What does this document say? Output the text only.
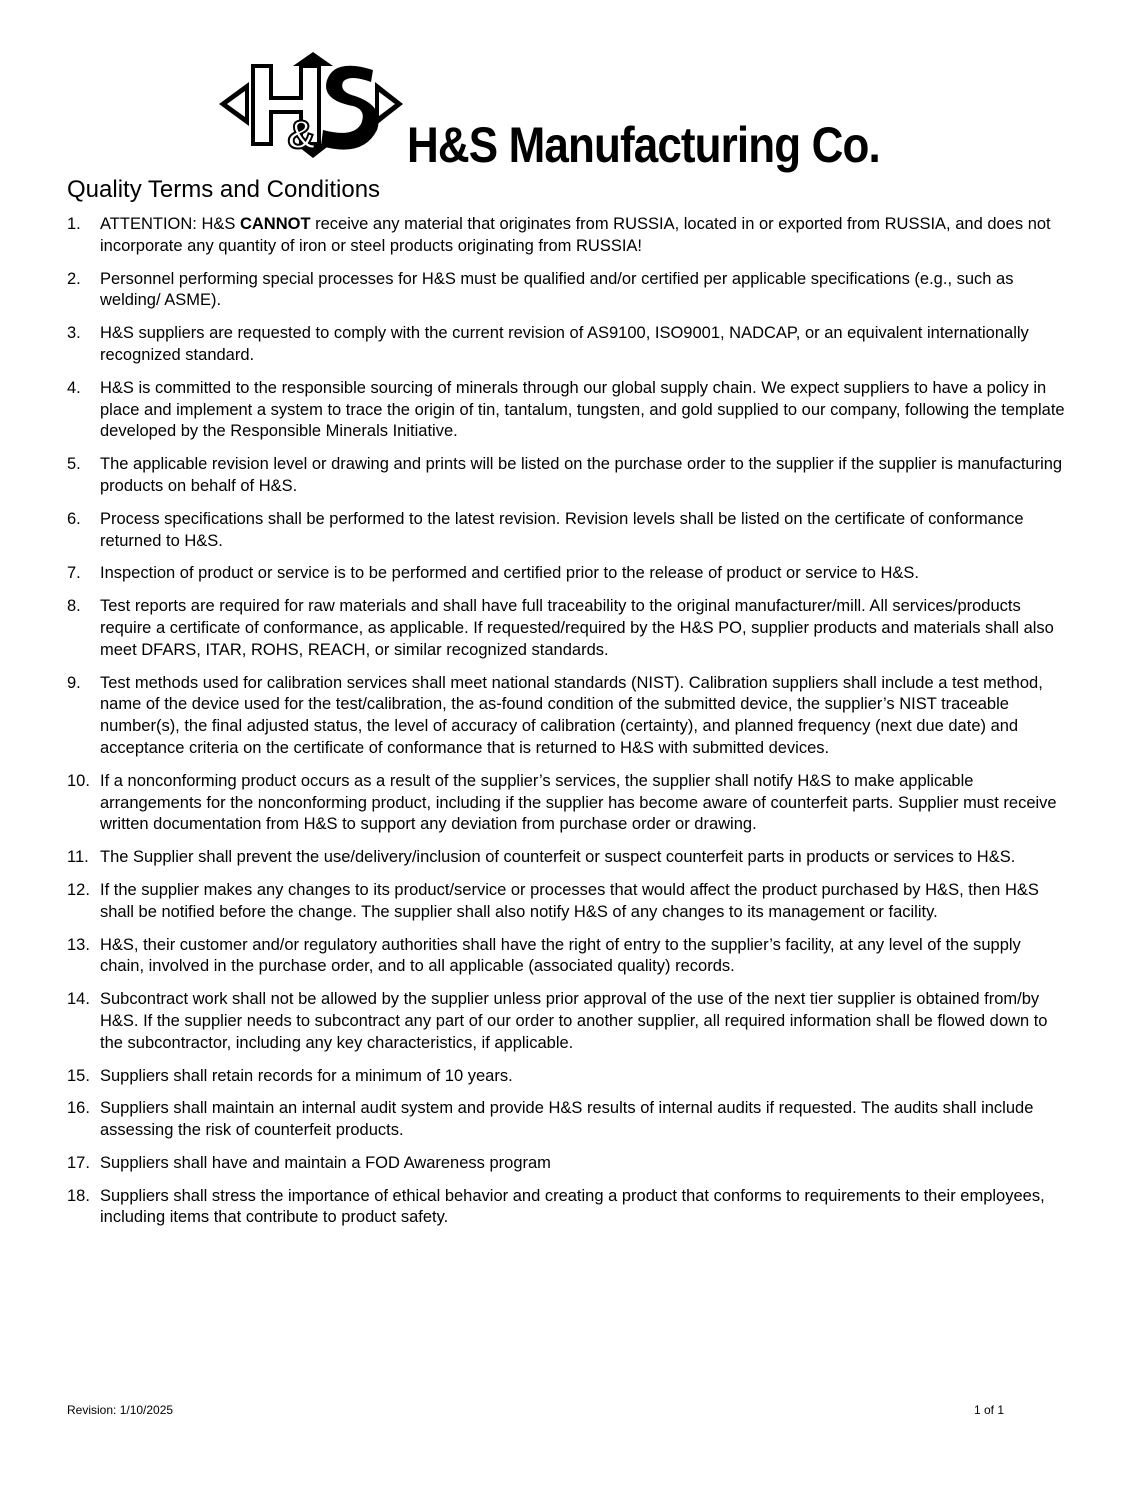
& H&S Manufacturing Co.
Quality Terms and Conditions
1. ATTENTION: H&S CANNOT receive any material that originates from RUSSIA, located in or exported from RUSSIA, and does not incorporate any quantity of iron or steel products originating from RUSSIA!
2. Personnel performing special processes for H&S must be qualified and/or certified per applicable specifications (e.g., such as welding/ ASME).
3. H&S suppliers are requested to comply with the current revision of AS9100, ISO9001, NADCAP, or an equivalent internationally recognized standard.
4. H&S is committed to the responsible sourcing of minerals through our global supply chain. We expect suppliers to have a policy in place and implement a system to trace the origin of tin, tantalum, tungsten, and gold supplied to our company, following the template developed by the Responsible Minerals Initiative.
5. The applicable revision level or drawing and prints will be listed on the purchase order to the supplier if the supplier is manufacturing products on behalf of H&S.
6. Process specifications shall be performed to the latest revision. Revision levels shall be listed on the certificate of conformance returned to H&S.
7. Inspection of product or service is to be performed and certified prior to the release of product or service to H&S.
8. Test reports are required for raw materials and shall have full traceability to the original manufacturer/mill. All services/products require a certificate of conformance, as applicable. If requested/required by the H&S PO, supplier products and materials shall also meet DFARS, ITAR, ROHS, REACH, or similar recognized standards.
9. Test methods used for calibration services shall meet national standards (NIST). Calibration suppliers shall include a test method, name of the device used for the test/calibration, the as-found condition of the submitted device, the supplier’s NIST traceable number(s), the final adjusted status, the level of accuracy of calibration (certainty), and planned frequency (next due date) and acceptance criteria on the certificate of conformance that is returned to H&S with submitted devices.
10. If a nonconforming product occurs as a result of the supplier’s services, the supplier shall notify H&S to make applicable arrangements for the nonconforming product, including if the supplier has become aware of counterfeit parts. Supplier must receive written documentation from H&S to support any deviation from purchase order or drawing.
11. The Supplier shall prevent the use/delivery/inclusion of counterfeit or suspect counterfeit parts in products or services to H&S.
12. If the supplier makes any changes to its product/service or processes that would affect the product purchased by H&S, then H&S shall be notified before the change. The supplier shall also notify H&S of any changes to its management or facility.
13. H&S, their customer and/or regulatory authorities shall have the right of entry to the supplier’s facility, at any level of the supply chain, involved in the purchase order, and to all applicable (associated quality) records.
14. Subcontract work shall not be allowed by the supplier unless prior approval of the use of the next tier supplier is obtained from/by H&S. If the supplier needs to subcontract any part of our order to another supplier, all required information shall be flowed down to the subcontractor, including any key characteristics, if applicable.
15. Suppliers shall retain records for a minimum of 10 years.
16. Suppliers shall maintain an internal audit system and provide H&S results of internal audits if requested. The audits shall include assessing the risk of counterfeit products.
17. Suppliers shall have and maintain a FOD Awareness program
18. Suppliers shall stress the importance of ethical behavior and creating a product that conforms to requirements to their employees, including items that contribute to product safety.
Revision: 1/10/2025	1 of 1
